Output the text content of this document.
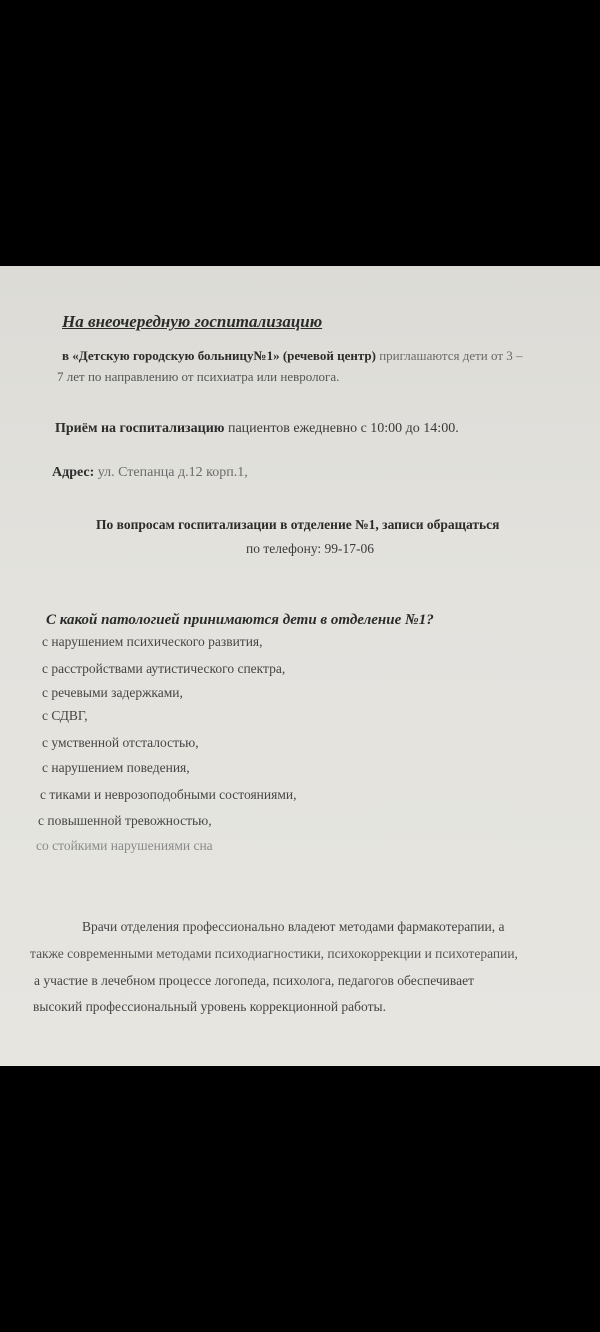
На внеочередную госпитализацию
в «Детскую городскую больницу№1» (речевой центр) приглашаются дети от 3 –
7 лет по направлению от психиатра или невролога.
Приём на госпитализацию пациентов ежедневно с 10:00 до 14:00.
Адрес: ул. Степанца д.12 корп.1,
По вопросам госпитализации в отделение №1, записи обращаться
по телефону: 99-17-06
С какой патологией принимаются дети в отделение №1?
с нарушением психического развития,
с расстройствами аутистического спектра,
с речевыми задержками,
с СДВГ,
с умственной отсталостью,
с нарушением поведения,
с тиками и неврозоподобными состояниями,
с повышенной тревожностью,
со стойкими нарушениями сна
Врачи отделения профессионально владеют методами фармакотерапии, а
также современными методами психодиагностики, психокоррекции и психотерапии,
а участие в лечебном процессе логопеда, психолога, педагогов обеспечивает
высокий профессиональный уровень коррекционной работы.
